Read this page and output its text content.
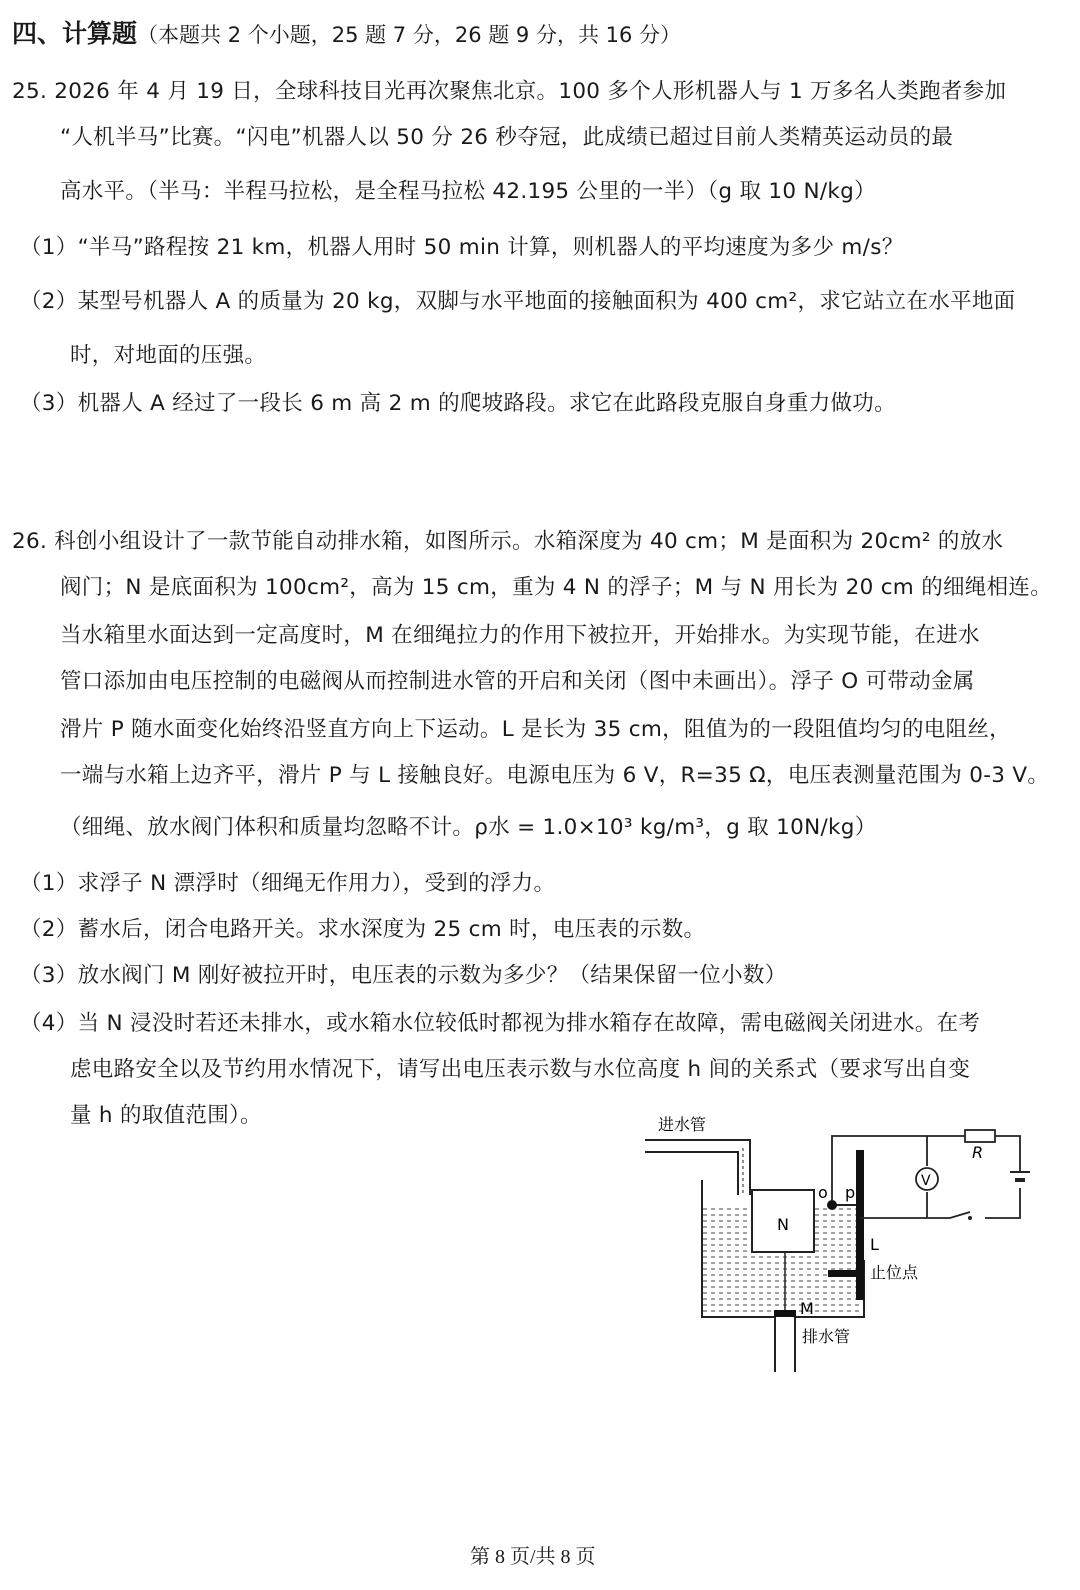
四、计算题（本题共 2 个小题，25 题 7 分，26 题 9 分，共 16 分）
25. 2026 年 4 月 19 日，全球科技目光再次聚焦北京。100 多个人形机器人与 1 万多名人类跑者参加
“人机半马”比赛。“闪电”机器人以 50 分 26 秒夺冠，此成绩已超过目前人类精英运动员的最
高水平。（半马：半程马拉松，是全程马拉松 42.195 公里的一半）（g 取 10 N/kg）
（1）“半马”路程按 21 km，机器人用时 50 min 计算，则机器人的平均速度为多少 m/s？
（2）某型号机器人 A 的质量为 20 kg，双脚与水平地面的接触面积为 400 cm²，求它站立在水平地面
时，对地面的压强。
（3）机器人 A 经过了一段长 6 m 高 2 m 的爬坡路段。求它在此路段克服自身重力做功。
26. 科创小组设计了一款节能自动排水箱，如图所示。水箱深度为 40 cm；M 是面积为 20cm² 的放水
阀门；N 是底面积为 100cm²，高为 15 cm，重为 4 N 的浮子；M 与 N 用长为 20 cm 的细绳相连。
当水箱里水面达到一定高度时，M 在细绳拉力的作用下被拉开，开始排水。为实现节能，在进水
管口添加由电压控制的电磁阀从而控制进水管的开启和关闭（图中未画出）。浮子 O 可带动金属
滑片 P 随水面变化始终沿竖直方向上下运动。L 是长为 35 cm，阻值为的一段阻值均匀的电阻丝，
一端与水箱上边齐平，滑片 P 与 L 接触良好。电源电压为 6 V，R=35 Ω，电压表测量范围为 0-3 V。
（细绳、放水阀门体积和质量均忽略不计。ρ水 = 1.0×10³ kg/m³，g 取 10N/kg）
（1）求浮子 N 漂浮时（细绳无作用力），受到的浮力。
（2）蓄水后，闭合电路开关。求水深度为 25 cm 时，电压表的示数。
（3）放水阀门 M 刚好被拉开时，电压表的示数为多少？（结果保留一位小数）
（4）当 N 浸没时若还未排水，或水箱水位较低时都视为排水箱存在故障，需电磁阀关闭进水。在考
虑电路安全以及节约用水情况下，请写出电压表示数与水位高度 h 间的关系式（要求写出自变
量 h 的取值范围）。	进水管
N
M
排水管
L
止位点
o p
R
V
第 8 页/共 8 页
